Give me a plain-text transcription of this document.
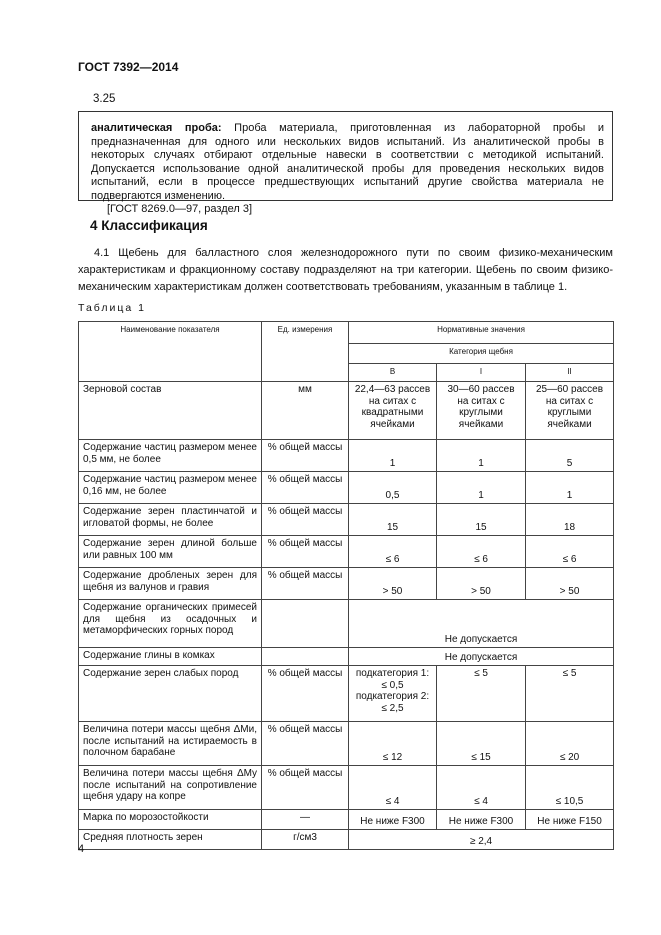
ГОСТ 7392—2014
3.25
аналитическая проба: Проба материала, приготовленная из лабораторной пробы и предназначенная для одного или нескольких видов испытаний. Из аналитической пробы в некоторых случаях отбирают отдельные навески в соответствии с методикой испытаний. Допускается использование одной аналитической пробы для проведения нескольких видов испытаний, если в процессе предшествующих испытаний другие свойства материала не подвергаются изменению.
[ГОСТ 8269.0—97, раздел 3]
4 Классификация
4.1 Щебень для балластного слоя железнодорожного пути по своим физико-механическим характеристикам и фракционному составу подразделяют на три категории. Щебень по своим физико-механическим характеристикам должен соответствовать требованиям, указанным в таблице 1.
Таблица 1
Наименование показателя	Ед. измерения	Нормативные значения		
		Категория щебня		
		В	I	II
Зерновой состав	мм	22,4—63 рассев на ситах с квадратными ячейками	30—60 рассев на ситах с круглыми ячейками	25—60 рассев на ситах с круглыми ячейками
Содержание частиц размером менее 0,5 мм, не более	% общей массы	1	1	5
Содержание частиц размером менее 0,16 мм, не более	% общей массы	0,5	1	1
Содержание зерен пластинчатой и игловатой формы, не более	% общей массы	15	15	18
Содержание зерен длиной больше или равных 100 мм	% общей массы	≤ 6	≤ 6	≤ 6
Содержание дробленых зерен для щебня из валунов и гравия	% общей массы	> 50	> 50	> 50
Содержание органических примесей для щебня из осадочных и метаморфических горных пород		Не допускается		
Содержание глины в комках		Не допускается		
Содержание зерен слабых пород	% общей массы	подкатегория 1: ≤ 0,5 подкатегория 2: ≤ 2,5	≤ 5	≤ 5
Величина потери массы щебня ΔMи, после испытаний на истираемость в полочном барабане	% общей массы	≤ 12	≤ 15	≤ 20
Величина потери массы щебня ΔMу после испытаний на сопротивление щебня удару на копре	% общей массы	≤ 4	≤ 4	≤ 10,5
Марка по морозостойкости	—	Не ниже F300	Не ниже F300	Не ниже F150
Средняя плотность зерен	г/см3	≥ 2,4		
4
